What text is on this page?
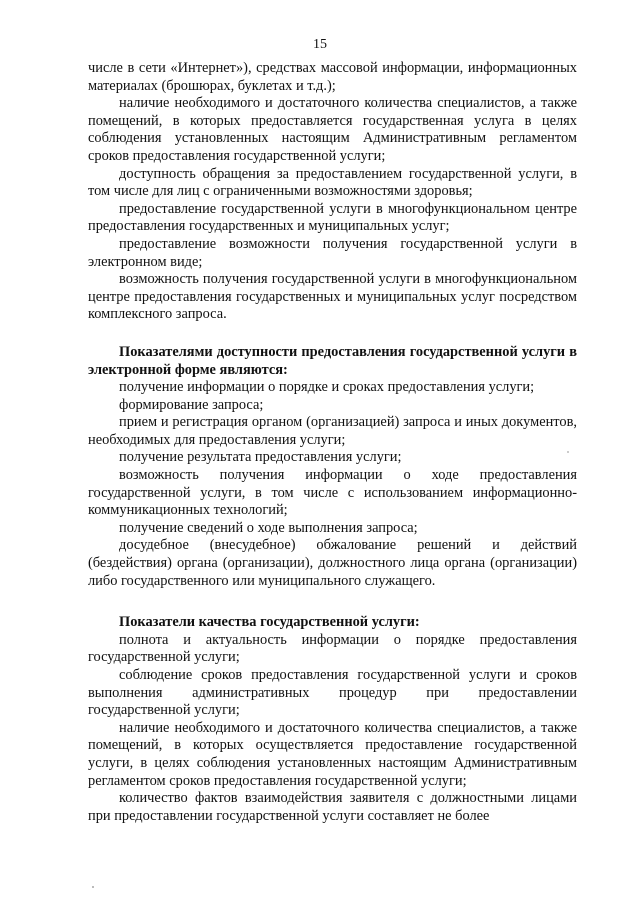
15

числе в сети «Интернет»), средствах массовой информации, информационных материалах (брошюрах, буклетах и т.д.);

наличие необходимого и достаточного количества специалистов, а также помещений, в которых предоставляется государственная услуга в целях соблюдения установленных настоящим Административным регламентом сроков предоставления государственной услуги;

доступность обращения за предоставлением государственной услуги, в том числе для лиц с ограниченными возможностями здоровья;

предоставление государственной услуги в многофункциональном центре предоставления государственных и муниципальных услуг;

предоставление возможности получения государственной услуги в электронном виде;

возможность получения государственной услуги в многофункциональном центре предоставления государственных и муниципальных услуг посредством комплексного запроса.

Показателями доступности предоставления государственной услуги в электронной форме являются:

получение информации о порядке и сроках предоставления услуги;

формирование запроса;

прием и регистрация органом (организацией) запроса и иных документов, необходимых для предоставления услуги;

получение результата предоставления услуги;

возможность получения информации о ходе предоставления государственной услуги, в том числе с использованием информационно-коммуникационных технологий;

получение сведений о ходе выполнения запроса;

досудебное (внесудебное) обжалование решений и действий (бездействия) органа (организации), должностного лица органа (организации) либо государственного или муниципального служащего.

Показатели качества государственной услуги:

полнота и актуальность информации о порядке предоставления государственной услуги;

соблюдение сроков предоставления государственной услуги и сроков выполнения административных процедур при предоставлении государственной услуги;

наличие необходимого и достаточного количества специалистов, а также помещений, в которых осуществляется предоставление государственной услуги, в целях соблюдения установленных настоящим Административным регламентом сроков предоставления государственной услуги;

количество фактов взаимодействия заявителя с должностными лицами при предоставлении государственной услуги составляет не более
